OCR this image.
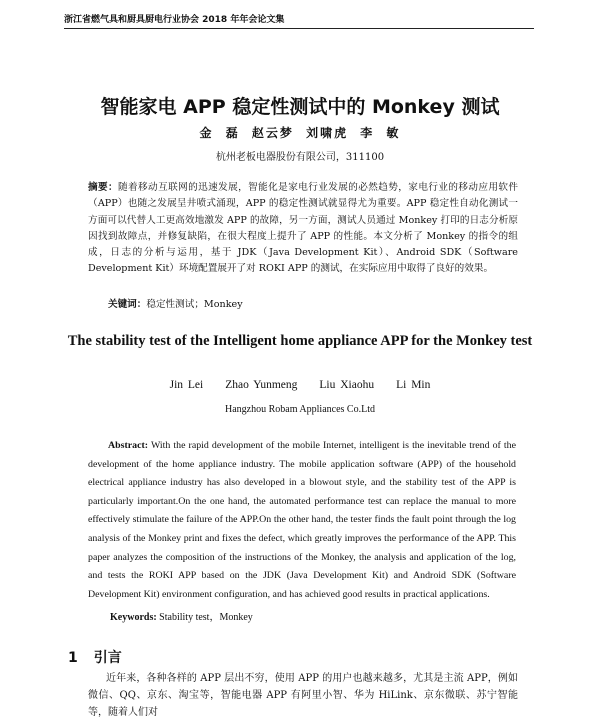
浙江省燃气具和厨具厨电行业协会 2018 年年会论文集
智能家电 APP 稳定性测试中的 Monkey 测试
金 磊 赵云梦 刘啸虎 李 敏
杭州老板电器股份有限公司，311100
摘要：随着移动互联网的迅速发展，智能化是家电行业发展的必然趋势，家电行业的移动应用软件（APP）也随之发展呈井喷式涌现，APP 的稳定性测试就显得尤为重要。APP 稳定性自动化测试一方面可以代替人工更高效地激发 APP 的故障，另一方面，测试人员通过 Monkey 打印的日志分析原因找到故障点，并修复缺陷，在很大程度上提升了 APP 的性能。本文分析了 Monkey 的指令的组成，日志的分析与运用，基于 JDK（Java Development Kit）、Android SDK（Software Development Kit）环境配置展开了对 ROKI APP 的测试，在实际应用中取得了良好的效果。
关键词：稳定性测试；Monkey
The stability test of the Intelligent home appliance APP for the Monkey test
Jin Lei Zhao Yunmeng Liu Xiaohu Li Min
Hangzhou Robam Appliances Co.Ltd
Abstract: With the rapid development of the mobile Internet, intelligent is the inevitable trend of the development of the home appliance industry. The mobile application software (APP) of the household electrical appliance industry has also developed in a blowout style, and the stability test of the APP is particularly important.On the one hand, the automated performance test can replace the manual to more effectively stimulate the failure of the APP.On the other hand, the tester finds the fault point through the log analysis of the Monkey print and fixes the defect, which greatly improves the performance of the APP. This paper analyzes the composition of the instructions of the Monkey, the analysis and application of the log, and tests the ROKI APP based on the JDK (Java Development Kit) and Android SDK (Software Development Kit) environment configuration, and has achieved good results in practical applications.
Keywords: Stability test，Monkey
1 引言
近年来，各种各样的 APP 层出不穷，使用 APP 的用户也越来越多，尤其是主流 APP，例如微信、QQ、京东、淘宝等，智能电器 APP 有阿里小智、华为 HiLink、京东微联、苏宁智能等，随着人们对
